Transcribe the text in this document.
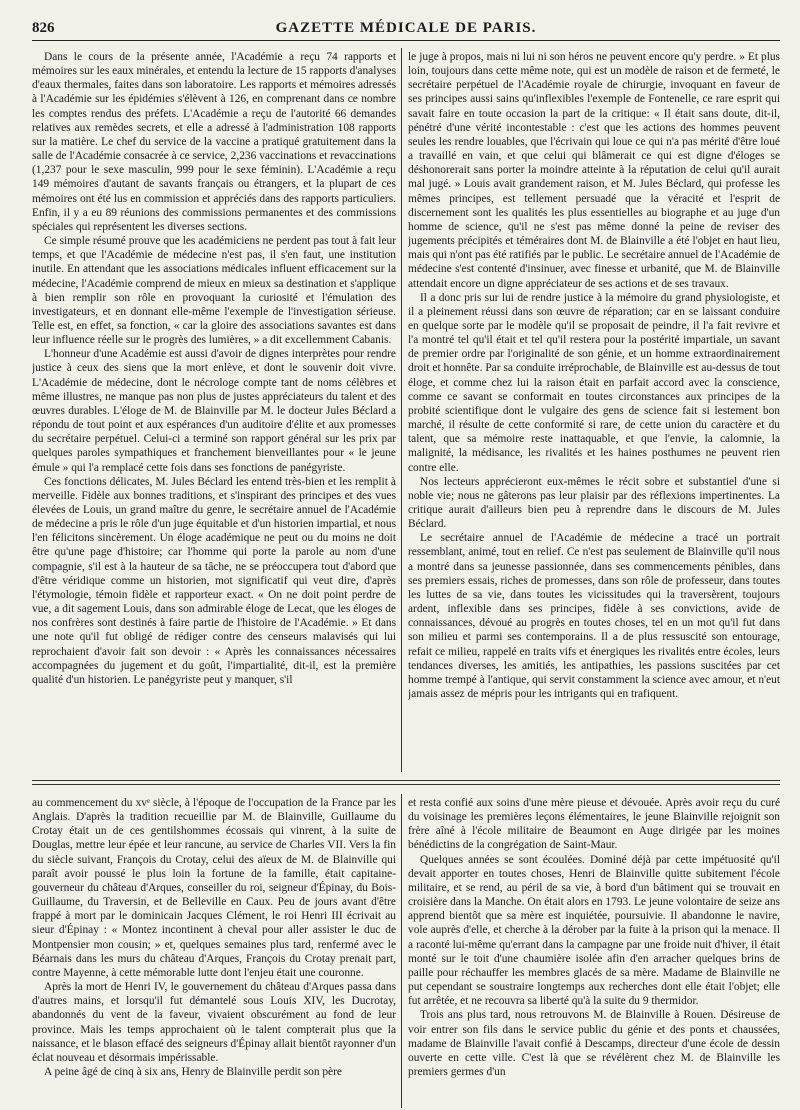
826	GAZETTE MÉDICALE DE PARIS.

Dans le cours de la présente année, l'Académie a reçu 74 rapports et mémoires sur les eaux minérales, et entendu la lecture de 15 rapports d'analyses d'eaux thermales, faites dans son laboratoire. Les rapports et mémoires adressés à l'Académie sur les épidémies s'élèvent à 126, en comprenant dans ce nombre les comptes rendus des préfets. L'Académie a reçu de l'autorité 66 demandes relatives aux remèdes secrets, et elle a adressé à l'administration 108 rapports sur la matière. Le chef du service de la vaccine a pratiqué gratuitement dans la salle de l'Académie consacrée à ce service, 2,236 vaccinations et revaccinations (1,237 pour le sexe masculin, 999 pour le sexe féminin). L'Académie a reçu 149 mémoires d'autant de savants français ou étrangers, et la plupart de ces mémoires ont été lus en commission et appréciés dans des rapports particuliers. Enfin, il y a eu 89 réunions des commissions permanentes et des commissions spéciales qui représentent les diverses sections.

Ce simple résumé prouve que les académiciens ne perdent pas tout à fait leur temps, et que l'Académie de médecine n'est pas, il s'en faut, une institution inutile. En attendant que les associations médicales influent efficacement sur la médecine, l'Académie comprend de mieux en mieux sa destination et s'applique à bien remplir son rôle en provoquant la curiosité et l'émulation des investigateurs, et en donnant elle-même l'exemple de l'investigation sérieuse. Telle est, en effet, sa fonction, « car la gloire des associations savantes est dans leur influence réelle sur le progrès des lumières, » a dit excellemment Cabanis.

L'honneur d'une Académie est aussi d'avoir de dignes interprètes pour rendre justice à ceux des siens que la mort enlève, et dont le souvenir doit vivre. L'Académie de médecine, dont le nécrologe compte tant de noms célèbres et même illustres, ne manque pas non plus de justes appréciateurs du talent et des œuvres durables. L'éloge de M. de Blainville par M. le docteur Jules Béclard a répondu de tout point et aux espérances d'un auditoire d'élite et aux promesses du secrétaire perpétuel. Celui-ci a terminé son rapport général sur les prix par quelques paroles sympathiques et franchement bienveillantes pour « le jeune émule » qui l'a remplacé cette fois dans ses fonctions de panégyriste.

Ces fonctions délicates, M. Jules Béclard les entend très-bien et les remplit à merveille. Fidèle aux bonnes traditions, et s'inspirant des principes et des vues élevées de Louis, un grand maître du genre, le secrétaire annuel de l'Académie de médecine a pris le rôle d'un juge équitable et d'un historien impartial, et nous l'en félicitons sincèrement. Un éloge académique ne peut ou du moins ne doit être qu'une page d'histoire; car l'homme qui porte la parole au nom d'une compagnie, s'il est à la hauteur de sa tâche, ne se préoccupera tout d'abord que d'être véridique comme un historien, mot significatif qui veut dire, d'après l'étymologie, témoin fidèle et rapporteur exact. « On ne doit point perdre de vue, a dit sagement Louis, dans son admirable éloge de Lecat, que les éloges de nos confrères sont destinés à faire partie de l'histoire de l'Académie. » Et dans une note qu'il fut obligé de rédiger contre des censeurs malavisés qui lui reprochaient d'avoir fait son devoir : « Après les connaissances nécessaires accompagnées du jugement et du goût, l'impartialité, dit-il, est la première qualité d'un historien. Le panégyriste peut y manquer, s'il

le juge à propos, mais ni lui ni son héros ne peuvent encore qu'y perdre. » Et plus loin, toujours dans cette même note, qui est un modèle de raison et de fermeté, le secrétaire perpétuel de l'Académie royale de chirurgie, invoquant en faveur de ses principes aussi sains qu'inflexibles l'exemple de Fontenelle, ce rare esprit qui savait faire en toute occasion la part de la critique: « Il était sans doute, dit-il, pénétré d'une vérité incontestable : c'est que les actions des hommes peuvent seules les rendre louables, que l'écrivain qui loue ce qui n'a pas mérité d'être loué a travaillé en vain, et que celui qui blâmerait ce qui est digne d'éloges se déshonorerait sans porter la moindre atteinte à la réputation de celui qu'il aurait mal jugé. » Louis avait grandement raison, et M. Jules Béclard, qui professe les mêmes principes, est tellement persuadé que la véracité et l'esprit de discernement sont les qualités les plus essentielles au biographe et au juge d'un homme de science, qu'il ne s'est pas même donné la peine de reviser des jugements précipités et téméraires dont M. de Blainville a été l'objet en haut lieu, mais qui n'ont pas été ratifiés par le public. Le secrétaire annuel de l'Académie de médecine s'est contenté d'insinuer, avec finesse et urbanité, que M. de Blainville attendait encore un digne appréciateur de ses actions et de ses travaux.

Il a donc pris sur lui de rendre justice à la mémoire du grand physiologiste, et il a pleinement réussi dans son œuvre de réparation; car en se laissant conduire en quelque sorte par le modèle qu'il se proposait de peindre, il l'a fait revivre et l'a montré tel qu'il était et tel qu'il restera pour la postérité impartiale, un savant de premier ordre par l'originalité de son génie, et un homme extraordinairement droit et honnête. Par sa conduite irréprochable, de Blainville est au-dessus de tout éloge, et comme chez lui la raison était en parfait accord avec la conscience, comme ce savant se conformait en toutes circonstances aux principes de la probité scientifique dont le vulgaire des gens de science fait si lestement bon marché, il résulte de cette conformité si rare, de cette union du caractère et du talent, que sa mémoire reste inattaquable, et que l'envie, la calomnie, la malignité, la médisance, les rivalités et les haines posthumes ne peuvent rien contre elle.

Nos lecteurs apprécieront eux-mêmes le récit sobre et substantiel d'une si noble vie; nous ne gâterons pas leur plaisir par des réflexions impertinentes. La critique aurait d'ailleurs bien peu à reprendre dans le discours de M. Jules Béclard.

Le secrétaire annuel de l'Académie de médecine a tracé un portrait ressemblant, animé, tout en relief. Ce n'est pas seulement de Blainville qu'il nous a montré dans sa jeunesse passionnée, dans ses commencements pénibles, dans ses premiers essais, riches de promesses, dans son rôle de professeur, dans toutes les luttes de sa vie, dans toutes les vicissitudes qui la traversèrent, toujours ardent, inflexible dans ses principes, fidèle à ses convictions, avide de connaissances, dévoué au progrès en toutes choses, tel en un mot qu'il fut dans son milieu et parmi ses contemporains. Il a de plus ressuscité son entourage, refait ce milieu, rappelé en traits vifs et énergiques les rivalités entre écoles, leurs tendances diverses, les amitiés, les antipathies, les passions suscitées par cet homme trempé à l'antique, qui servit constamment la science avec amour, et n'eut jamais assez de mépris pour les intrigants qui en trafiquent.

au commencement du xvᵉ siècle, à l'époque de l'occupation de la France par les Anglais. D'après la tradition recueillie par M. de Blainville, Guillaume du Crotay était un de ces gentilshommes écossais qui vinrent, à la suite de Douglas, mettre leur épée et leur rancune, au service de Charles VII. Vers la fin du siècle suivant, François du Crotay, celui des aïeux de M. de Blainville qui paraît avoir poussé le plus loin la fortune de la famille, était capitaine-gouverneur du château d'Arques, conseiller du roi, seigneur d'Épinay, du Bois-Guillaume, du Traversin, et de Belleville en Caux. Peu de jours avant d'être frappé à mort par le dominicain Jacques Clément, le roi Henri III écrivait au sieur d'Épinay : « Montez incontinent à cheval pour aller assister le duc de Montpensier mon cousin; » et, quelques semaines plus tard, renfermé avec le Béarnais dans les murs du château d'Arques, François du Crotay prenait part, contre Mayenne, à cette mémorable lutte dont l'enjeu était une couronne.

Après la mort de Henri IV, le gouvernement du château d'Arques passa dans d'autres mains, et lorsqu'il fut démantelé sous Louis XIV, les Ducrotay, abandonnés du vent de la faveur, vivaient obscurément au fond de leur province. Mais les temps approchaient où le talent compterait plus que la naissance, et le blason effacé des seigneurs d'Épinay allait bientôt rayonner d'un éclat nouveau et désormais impérissable.

A peine âgé de cinq à six ans, Henry de Blainville perdit son père

et resta confié aux soins d'une mère pieuse et dévouée. Après avoir reçu du curé du voisinage les premières leçons élémentaires, le jeune Blainville rejoignit son frère aîné à l'école militaire de Beaumont en Auge dirigée par les moines bénédictins de la congrégation de Saint-Maur.

Quelques années se sont écoulées. Dominé déjà par cette impétuosité qu'il devait apporter en toutes choses, Henri de Blainville quitte subitement l'école militaire, et se rend, au péril de sa vie, à bord d'un bâtiment qui se trouvait en croisière dans la Manche. On était alors en 1793. Le jeune volontaire de seize ans apprend bientôt que sa mère est inquiétée, poursuivie. Il abandonne le navire, vole auprès d'elle, et cherche à la dérober par la fuite à la prison qui la menace. Il a raconté lui-même qu'errant dans la campagne par une froide nuit d'hiver, il était monté sur le toit d'une chaumière isolée afin d'en arracher quelques brins de paille pour réchauffer les membres glacés de sa mère. Madame de Blainville ne put cependant se soustraire longtemps aux recherches dont elle était l'objet; elle fut arrêtée, et ne recouvra sa liberté qu'à la suite du 9 thermidor.

Trois ans plus tard, nous retrouvons M. de Blainville à Rouen. Désireuse de voir entrer son fils dans le service public du génie et des ponts et chaussées, madame de Blainville l'avait confié à Descamps, directeur d'une école de dessin ouverte en cette ville. C'est là que se révélèrent chez M. de Blainville les premiers germes d'un
